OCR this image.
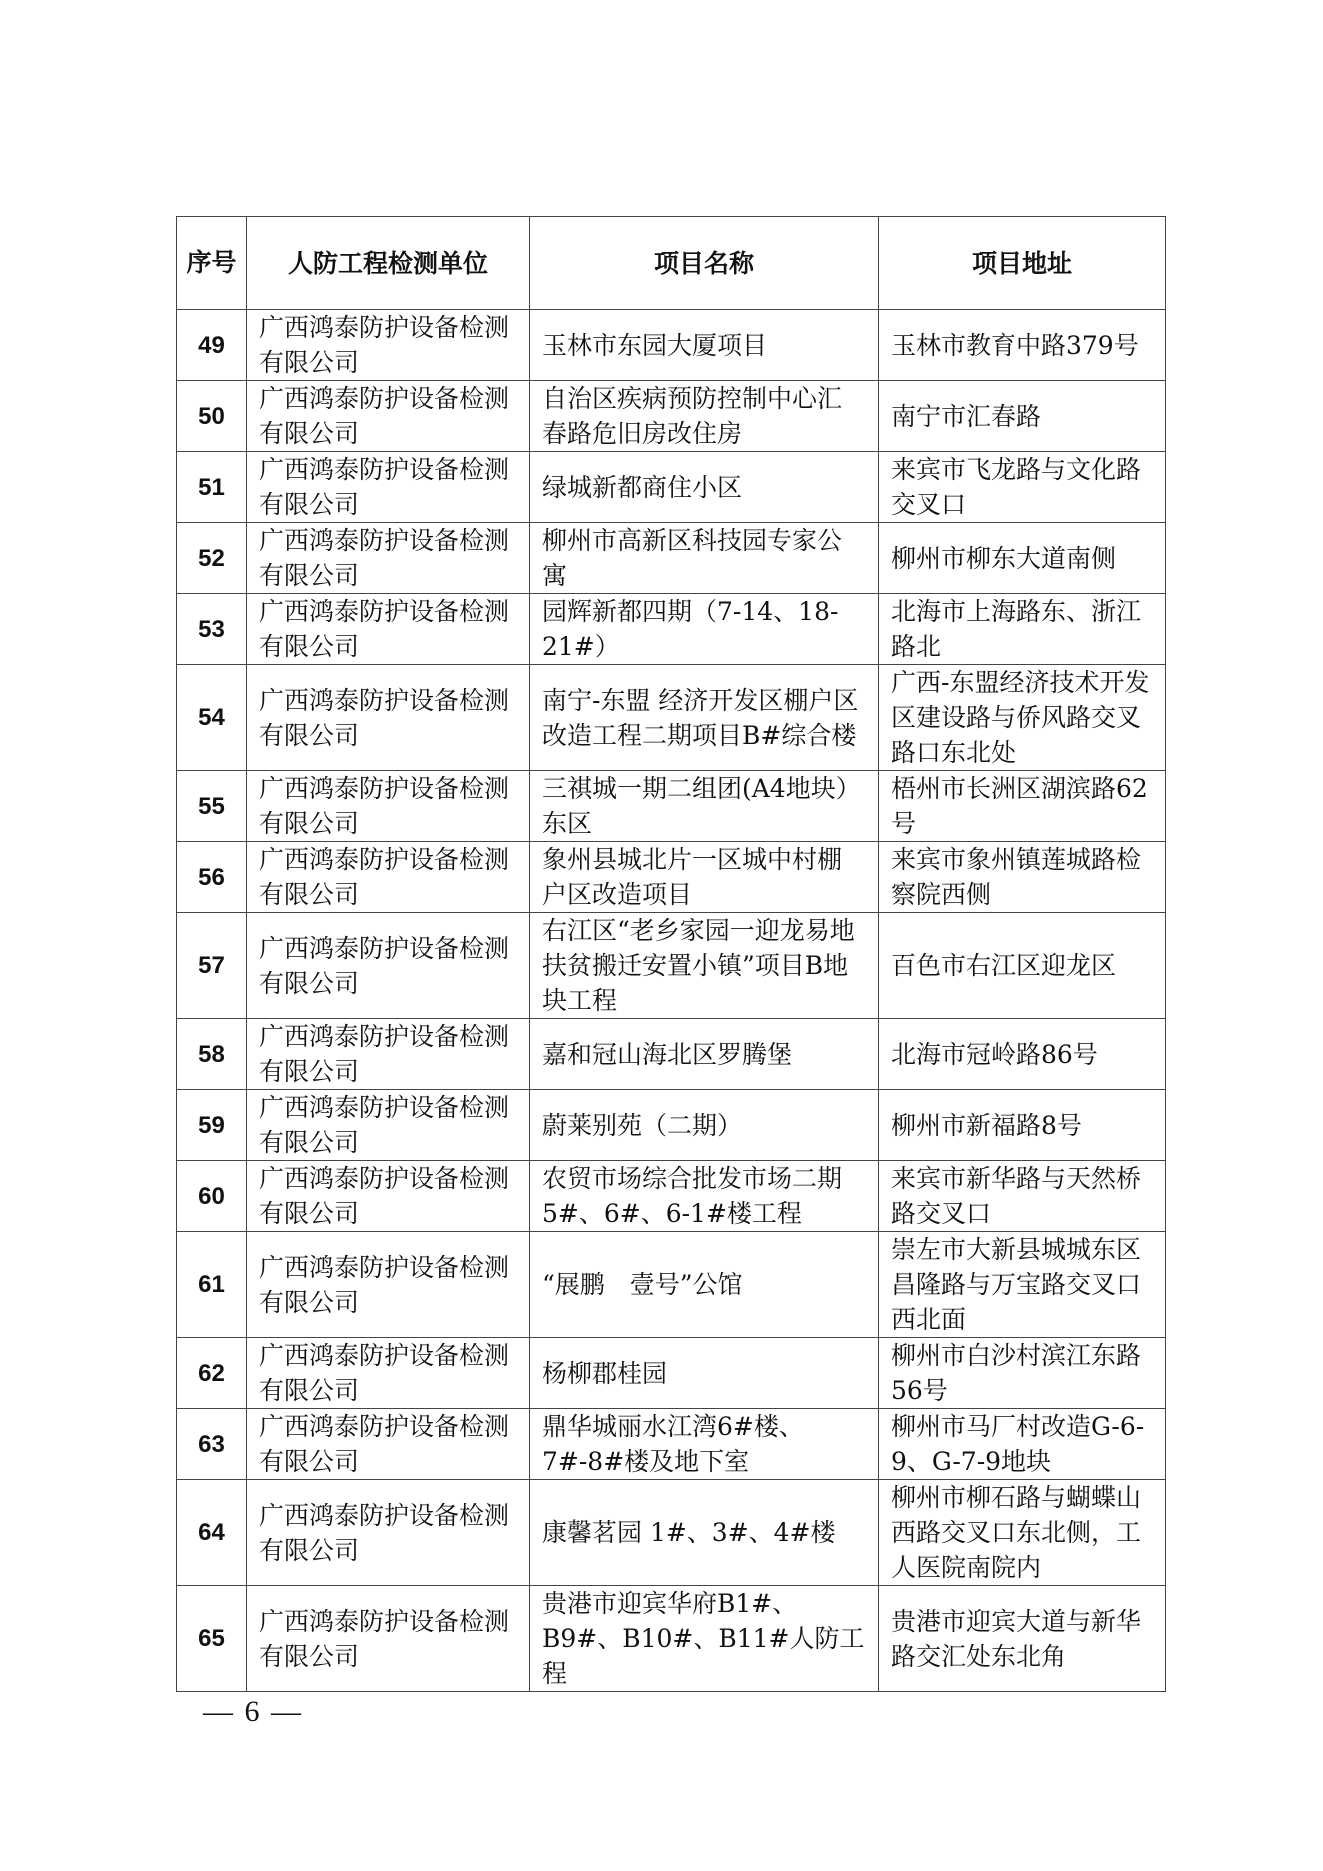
序号	人防工程检测单位	项目名称	项目地址
49	广西鸿泰防护设备检测有限公司	玉林市东园大厦项目	玉林市教育中路379号
50	广西鸿泰防护设备检测有限公司	自治区疾病预防控制中心汇春路危旧房改住房	南宁市汇春路
51	广西鸿泰防护设备检测有限公司	绿城新都商住小区	来宾市飞龙路与文化路交叉口
52	广西鸿泰防护设备检测有限公司	柳州市高新区科技园专家公寓	柳州市柳东大道南侧
53	广西鸿泰防护设备检测有限公司	园辉新都四期（7-14、18-21#）	北海市上海路东、浙江路北
54	广西鸿泰防护设备检测有限公司	南宁-东盟 经济开发区棚户区改造工程二期项目B#综合楼	广西-东盟经济技术开发区建设路与侨风路交叉路口东北处
55	广西鸿泰防护设备检测有限公司	三祺城一期二组团(A4地块）东区	梧州市长洲区湖滨路62号
56	广西鸿泰防护设备检测有限公司	象州县城北片一区城中村棚户区改造项目	来宾市象州镇莲城路检察院西侧
57	广西鸿泰防护设备检测有限公司	右江区“老乡家园一迎龙易地扶贫搬迁安置小镇”项目B地块工程	百色市右江区迎龙区
58	广西鸿泰防护设备检测有限公司	嘉和冠山海北区罗腾堡	北海市冠岭路86号
59	广西鸿泰防护设备检测有限公司	蔚莱别苑（二期）	柳州市新福路8号
60	广西鸿泰防护设备检测有限公司	农贸市场综合批发市场二期5#、6#、6-1#楼工程	来宾市新华路与天然桥路交叉口
61	广西鸿泰防护设备检测有限公司	“展鹏　壹号”公馆	崇左市大新县城城东区昌隆路与万宝路交叉口西北面
62	广西鸿泰防护设备检测有限公司	杨柳郡桂园	柳州市白沙村滨江东路56号
63	广西鸿泰防护设备检测有限公司	鼎华城丽水江湾6#楼、7#-8#楼及地下室	柳州市马厂村改造G-6-9、G-7-9地块
64	广西鸿泰防护设备检测有限公司	康馨茗园 1#、3#、4#楼	柳州市柳石路与蝴蝶山西路交叉口东北侧，工人医院南院内
65	广西鸿泰防护设备检测有限公司	贵港市迎宾华府B1#、B9#、B10#、B11#人防工程	贵港市迎宾大道与新华路交汇处东北角
— 6 —
